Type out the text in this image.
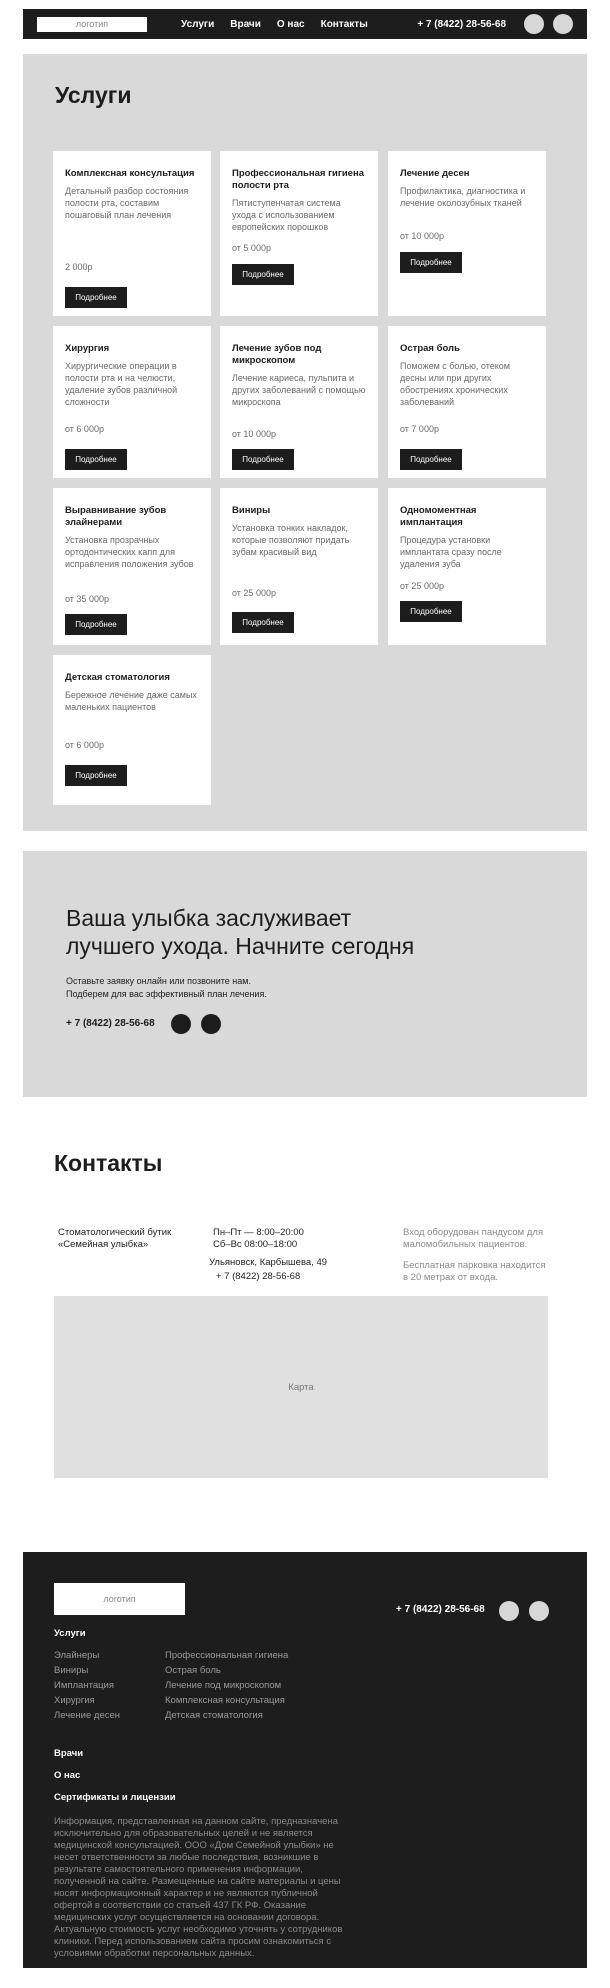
логотип	Услуги Врачи О нас Контакты	+ 7 (8422) 28-56-68
Услуги
Комплексная консультация
Детальный разбор состояния полости рта, составим пошаговый план лечения
2 000р
Подробнее
Профессиональная гигиена полости рта
Пятиступенчатая система ухода с использованием европейских порошков
от 5 000р
Подробнее
Лечение десен
Профилактика, диагностика и лечение околозубных тканей
от 10 000р
Подробнее
Хирургия
Хирургические операции в полости рта и на челюсти, удаление зубов различной сложности
от 6 000р
Подробнее
Лечение зубов под микроскопом
Лечение кариеса, пульпита и других заболеваний с помощью микроскопа
от 10 000р
Подробнее
Острая боль
Поможем с болью, отеком десны или при других обострениях хронических заболеваний
от 7 000р
Подробнее
Выравнивание зубов элайнерами
Установка прозрачных ортодонтических капп для исправления положения зубов
от 35 000р
Подробнее
Виниры
Установка тонких накладок, которые позволяют придать зубам красивый вид
от 25 000р
Подробнее
Одномоментная имплантация
Процедура установки имплантата сразу после удаления зуба
от 25 000р
Подробнее
Детская стоматология
Бережное лечение даже самых маленьких пациентов
от 6 000р
Подробнее
Ваша улыбка заслуживает
лучшего ухода. Начните сегодня
Оставьте заявку онлайн или позвоните нам.
Подберем для вас эффективный план лечения.
+ 7 (8422) 28-56-68
Контакты
Стоматологический бутик
«Семейная улыбка»
Пн–Пт — 8:00–20:00
Сб–Вс 08:00–18:00
Ульяновск, Карбышева, 49
+ 7 (8422) 28-56-68
Вход оборудован пандусом для
маломобильных пациентов.
Бесплатная парковка находится
в 20 метрах от входа.
Карта
логотип
+ 7 (8422) 28-56-68
Услуги
Элайнеры
Виниры
Имплантация
Хирургия
Лечение десен
Профессиональная гигиена
Острая боль
Лечение под микроскопом
Комплексная консультация
Детская стоматология
Врачи
О нас
Сертификаты и лицензии
Информация, представленная на данном сайте, предназначена исключительно для образовательных целей и не является медицинской консультацией. ООО «Дом Семейной улыбки» не несет ответственности за любые последствия, возникшие в результате самостоятельного применения информации, полученной на сайте. Размещенные на сайте материалы и цены носят информационный характер и не являются публичной офертой в соответствии со статьей 437 ГК РФ. Оказание медицинских услуг осуществляется на основании договора. Актуальную стоимость услуг необходимо уточнять у сотрудников клиники. Перед использованием сайта просим ознакомиться с условиями обработки персональных данных.
